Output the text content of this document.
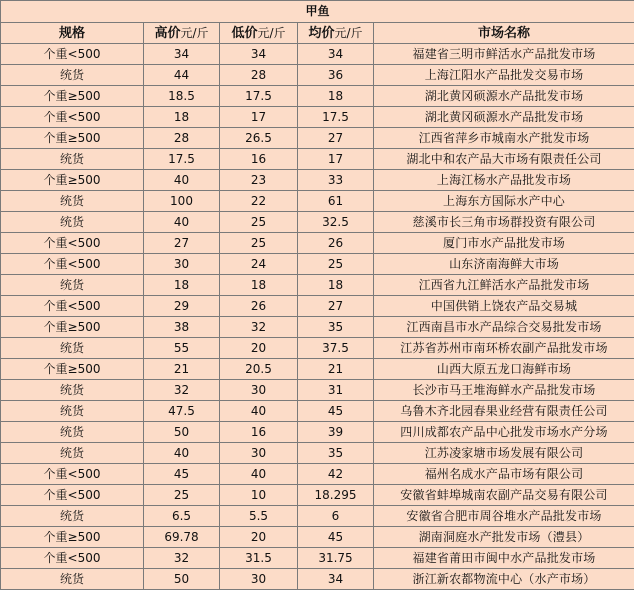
甲鱼				
规格	高价元/斤	低价元/斤	均价元/斤	市场名称
个重<500	34	34	34	福建省三明市鲜活水产品批发市场
统货	44	28	36	上海江阳水产品批发交易市场
个重≥500	18.5	17.5	18	湖北黄冈硕源水产品批发市场
个重<500	18	17	17.5	湖北黄冈硕源水产品批发市场
个重≥500	28	26.5	27	江西省萍乡市城南水产批发市场
统货	17.5	16	17	湖北中和农产品大市场有限责任公司
个重≥500	40	23	33	上海江杨水产品批发市场
统货	100	22	61	上海东方国际水产中心
统货	40	25	32.5	慈溪市长三角市场群投资有限公司
个重<500	27	25	26	厦门市水产品批发市场
个重<500	30	24	25	山东济南海鲜大市场
统货	18	18	18	江西省九江鲜活水产品批发市场
个重<500	29	26	27	中国供销上饶农产品交易城
个重≥500	38	32	35	江西南昌市水产品综合交易批发市场
统货	55	20	37.5	江苏省苏州市南环桥农副产品批发市场
个重≥500	21	20.5	21	山西大原五龙口海鲜市场
统货	32	30	31	长沙市马王堆海鲜水产品批发市场
统货	47.5	40	45	乌鲁木齐北园春果业经营有限责任公司
统货	50	16	39	四川成都农产品中心批发市场水产分场
统货	40	30	35	江苏凌家塘市场发展有限公司
个重<500	45	40	42	福州名成水产品市场有限公司
个重<500	25	10	18.295	安徽省蚌埠城南农副产品交易有限公司
统货	6.5	5.5	6	安徽省合肥市周谷堆水产品批发市场
个重≥500	69.78	20	45	湖南洞庭水产批发市场（澧县）
个重<500	32	31.5	31.75	福建省莆田市闽中水产品批发市场
统货	50	30	34	浙江新农都物流中心（水产市场）
